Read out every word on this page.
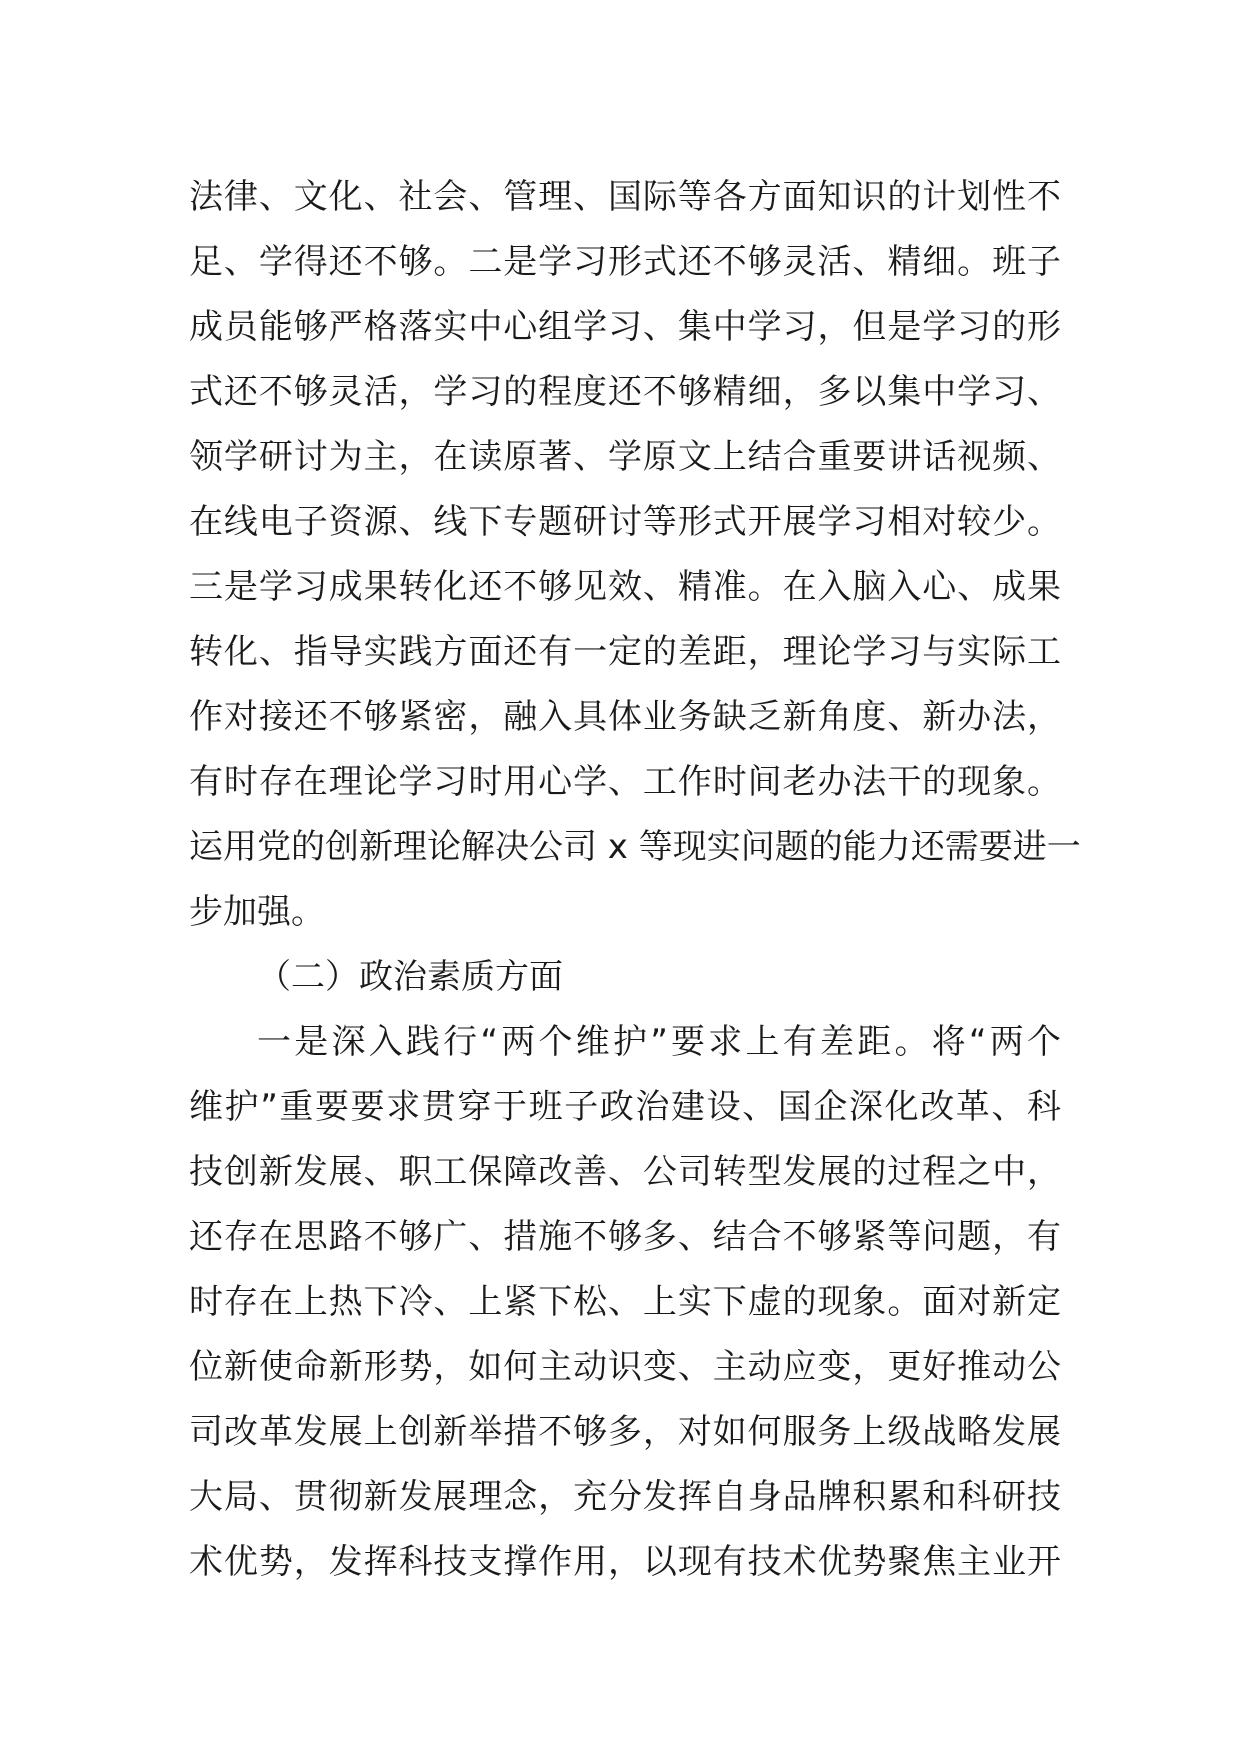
法律、文化、社会、管理、国际等各方面知识的计划性不
足、学得还不够。二是学习形式还不够灵活、精细。班子
成员能够严格落实中心组学习、集中学习，但是学习的形
式还不够灵活，学习的程度还不够精细，多以集中学习、
领学研讨为主，在读原著、学原文上结合重要讲话视频、
在线电子资源、线下专题研讨等形式开展学习相对较少。
三是学习成果转化还不够见效、精准。在入脑入心、成果
转化、指导实践方面还有一定的差距，理论学习与实际工
作对接还不够紧密，融入具体业务缺乏新角度、新办法，
有时存在理论学习时用心学、工作时间老办法干的现象。
运用党的创新理论解决公司 x 等现实问题的能力还需要进一
步加强。
（二）政治素质方面
一是深入践行“两个维护”要求上有差距。将“两个
维护”重要要求贯穿于班子政治建设、国企深化改革、科
技创新发展、职工保障改善、公司转型发展的过程之中，
还存在思路不够广、措施不够多、结合不够紧等问题，有
时存在上热下冷、上紧下松、上实下虚的现象。面对新定
位新使命新形势，如何主动识变、主动应变，更好推动公
司改革发展上创新举措不够多，对如何服务上级战略发展
大局、贯彻新发展理念，充分发挥自身品牌积累和科研技
术优势，发挥科技支撑作用，以现有技术优势聚焦主业开
